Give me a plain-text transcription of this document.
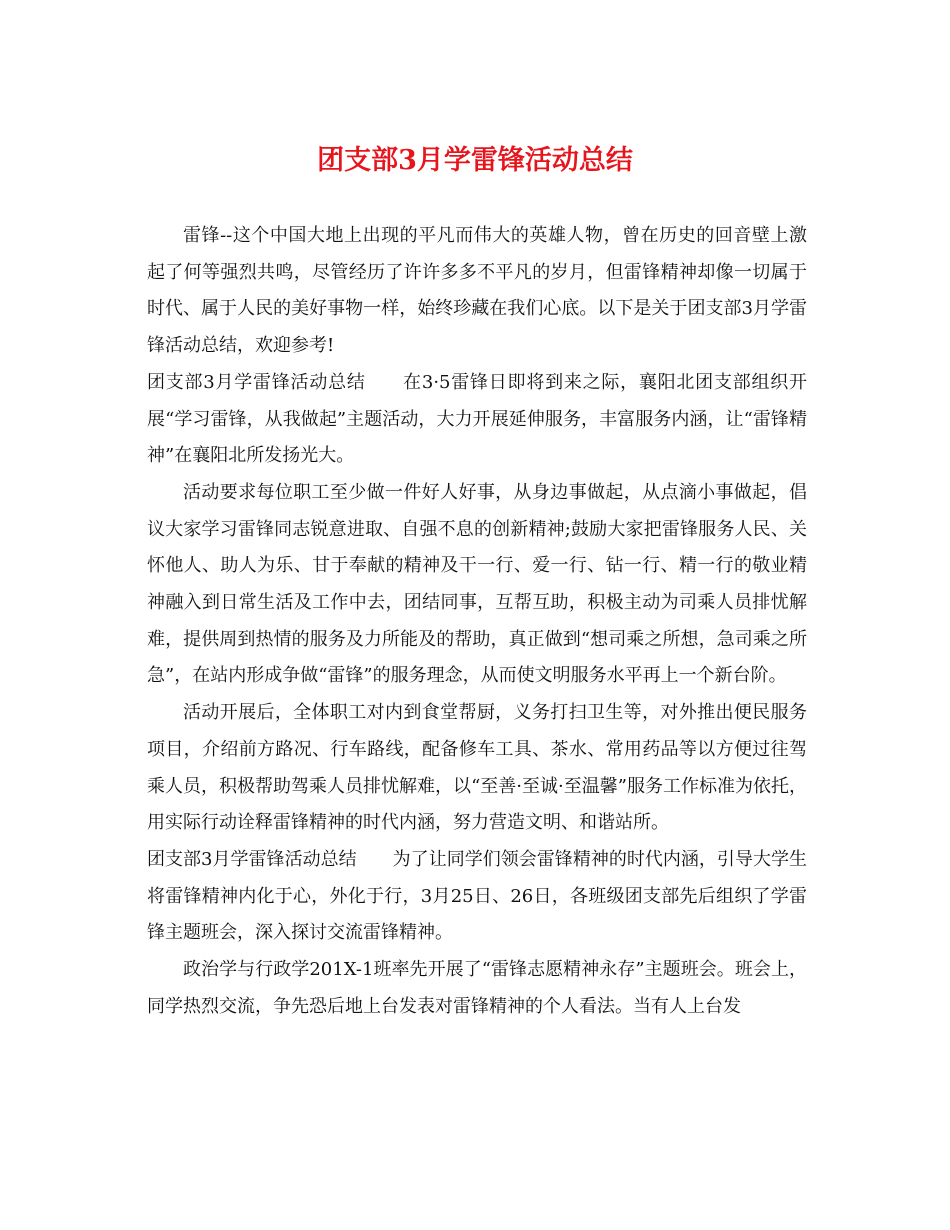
团支部3月学雷锋活动总结

雷锋--这个中国大地上出现的平凡而伟大的英雄人物，曾在历史的回音壁上激起了何等强烈共鸣，尽管经历了许许多多不平凡的岁月，但雷锋精神却像一切属于时代、属于人民的美好事物一样，始终珍藏在我们心底。以下是关于团支部3月学雷锋活动总结，欢迎参考!

团支部3月学雷锋活动总结　　在3·5雷锋日即将到来之际，襄阳北团支部组织开展“学习雷锋，从我做起”主题活动，大力开展延伸服务，丰富服务内涵，让“雷锋精神”在襄阳北所发扬光大。

活动要求每位职工至少做一件好人好事，从身边事做起，从点滴小事做起，倡议大家学习雷锋同志锐意进取、自强不息的创新精神;鼓励大家把雷锋服务人民、关怀他人、助人为乐、甘于奉献的精神及干一行、爱一行、钻一行、精一行的敬业精神融入到日常生活及工作中去，团结同事，互帮互助，积极主动为司乘人员排忧解难，提供周到热情的服务及力所能及的帮助，真正做到“想司乘之所想，急司乘之所急”，在站内形成争做“雷锋”的服务理念，从而使文明服务水平再上一个新台阶。

活动开展后，全体职工对内到食堂帮厨，义务打扫卫生等，对外推出便民服务项目，介绍前方路况、行车路线，配备修车工具、茶水、常用药品等以方便过往驾乘人员，积极帮助驾乘人员排忧解难，以“至善·至诚·至温馨”服务工作标准为依托，用实际行动诠释雷锋精神的时代内涵，努力营造文明、和谐站所。

团支部3月学雷锋活动总结　　为了让同学们领会雷锋精神的时代内涵，引导大学生将雷锋精神内化于心，外化于行，3月25日、26日，各班级团支部先后组织了学雷锋主题班会，深入探讨交流雷锋精神。

政治学与行政学201X-1班率先开展了“雷锋志愿精神永存”主题班会。班会上，同学热烈交流，争先恐后地上台发表对雷锋精神的个人看法。当有人上台发
